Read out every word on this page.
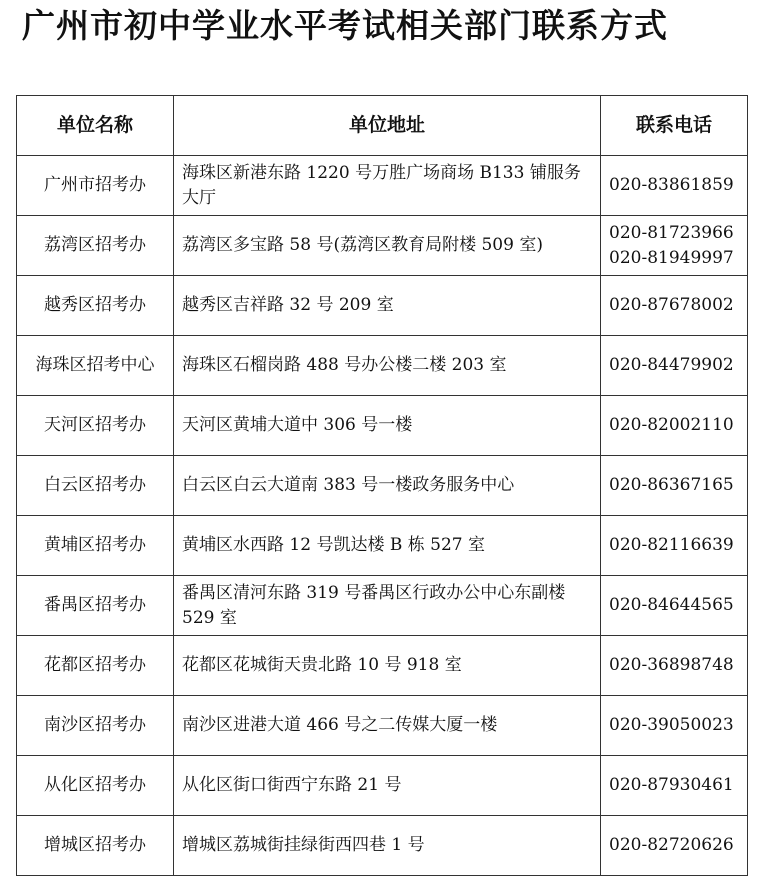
广州市初中学业水平考试相关部门联系方式
单位名称	单位地址	联系电话
广州市招考办	海珠区新港东路 1220 号万胜广场商场 B133 铺服务大厅	020-83861859

荔湾区招考办	荔湾区多宝路 58 号(荔湾区教育局附楼 509 室)	020-81723966
020-81949997

越秀区招考办	越秀区吉祥路 32 号 209 室	020-87678002

海珠区招考中心	海珠区石榴岗路 488 号办公楼二楼 203 室	020-84479902

天河区招考办	天河区黄埔大道中 306 号一楼	020-82002110

白云区招考办	白云区白云大道南 383 号一楼政务服务中心	020-86367165

黄埔区招考办	黄埔区水西路 12 号凯达楼 B 栋 527 室	020-82116639

番禺区招考办	番禺区清河东路 319 号番禺区行政办公中心东副楼 529 室	020-84644565

花都区招考办	花都区花城街天贵北路 10 号 918 室	020-36898748

南沙区招考办	南沙区进港大道 466 号之二传媒大厦一楼	020-39050023

从化区招考办	从化区街口街西宁东路 21 号	020-87930461

增城区招考办	增城区荔城街挂绿街西四巷 1 号	020-82720626
